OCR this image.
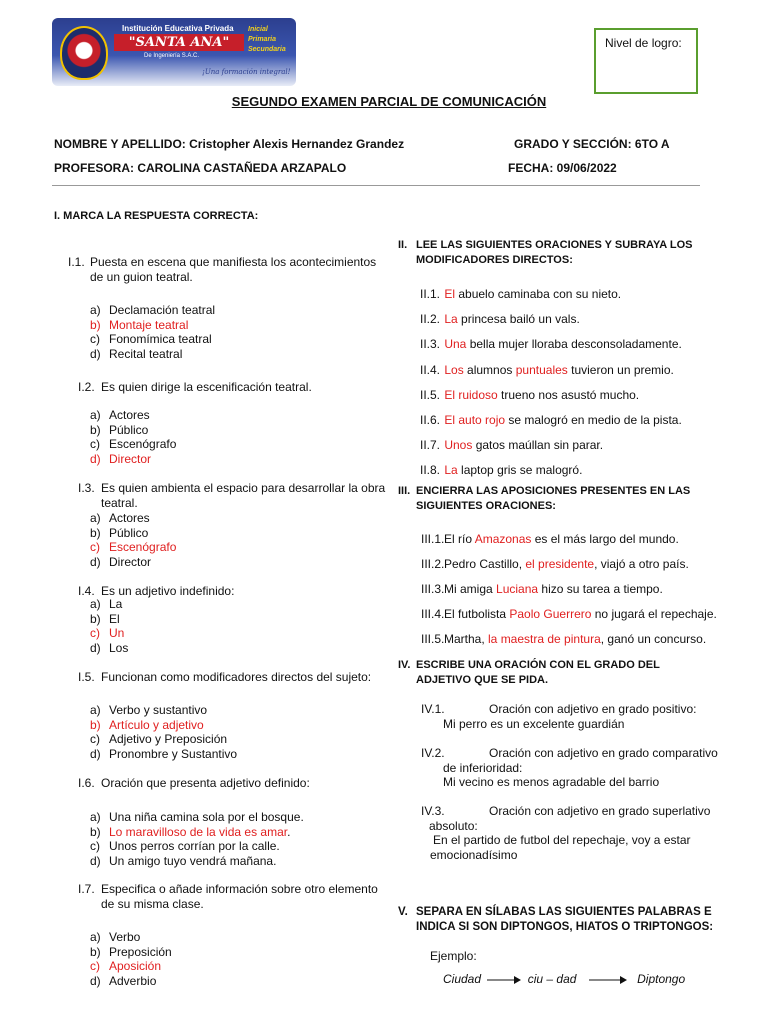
Institución Educativa Privada
"SANTA ANA"
De Ingeniería S.A.C.
¡Una formación integral!
Inicial
Primaria
Secundaria	Nivel de logro:
SEGUNDO EXAMEN PARCIAL DE COMUNICACIÓN
NOMBRE Y APELLIDO: Cristopher Alexis Hernandez Grandez	GRADO Y SECCIÓN: 6TO A
PROFESORA: CAROLINA CASTAÑEDA ARZAPALO	FECHA: 09/06/2022
I. MARCA LA RESPUESTA CORRECTA:
I.1. Puesta en escena que manifiesta los acontecimientos
de un guion teatral.
a) Declamación teatral
b) Montaje teatral
c) Fonomímica teatral
d) Recital teatral
I.2. Es quien dirige la escenificación teatral.
a) Actores
b) Público
c) Escenógrafo
d) Director
I.3. Es quien ambienta el espacio para desarrollar la obra
teatral.
a) Actores
b) Público
c) Escenógrafo
d) Director
I.4. Es un adjetivo indefinido:
a) La
b) El
c) Un
d) Los
I.5. Funcionan como modificadores directos del sujeto:
a) Verbo y sustantivo
b) Artículo y adjetivo
c) Adjetivo y Preposición
d) Pronombre y Sustantivo
I.6. Oración que presenta adjetivo definido:
a) Una niña camina sola por el bosque.
b) Lo maravilloso de la vida es amar.
c) Unos perros corrían por la calle.
d) Un amigo tuyo vendrá mañana.
I.7. Especifica o añade información sobre otro elemento
de su misma clase.
a) Verbo
b) Preposición
c) Aposición
d) Adverbio
II. LEE LAS SIGUIENTES ORACIONES Y SUBRAYA LOS
MODIFICADORES DIRECTOS:
II.1. El abuelo caminaba con su nieto.
II.2. La princesa bailó un vals.
II.3. Una bella mujer lloraba desconsoladamente.
II.4. Los alumnos puntuales tuvieron un premio.
II.5. El ruidoso trueno nos asustó mucho.
II.6. El auto rojo se malogró en medio de la pista.
II.7. Unos gatos maúllan sin parar.
II.8. La laptop gris se malogró.
III. ENCIERRA LAS APOSICIONES PRESENTES EN LAS
SIGUIENTES ORACIONES:
III.1.El río Amazonas es el más largo del mundo.
III.2.Pedro Castillo, el presidente, viajó a otro país.
III.3.Mi amiga Luciana hizo su tarea a tiempo.
III.4.El futbolista Paolo Guerrero no jugará el repechaje.
III.5.Martha, la maestra de pintura, ganó un concurso.
IV. ESCRIBE UNA ORACIÓN CON EL GRADO DEL
ADJETIVO QUE SE PIDA.
IV.1.	Oración con adjetivo en grado positivo:
Mi perro es un excelente guardián
IV.2.	Oración con adjetivo en grado comparativo
de inferioridad:
Mi vecino es menos agradable del barrio
IV.3.	Oración con adjetivo en grado superlativo
absoluto:
En el partido de futbol del repechaje, voy a estar
emocionadísimo
V. SEPARA EN SÍLABAS LAS SIGUIENTES PALABRAS E
INDICA SI SON DIPTONGOS, HIATOS O TRIPTONGOS:
Ejemplo:
Ciudad	ciu – dad	Diptongo
